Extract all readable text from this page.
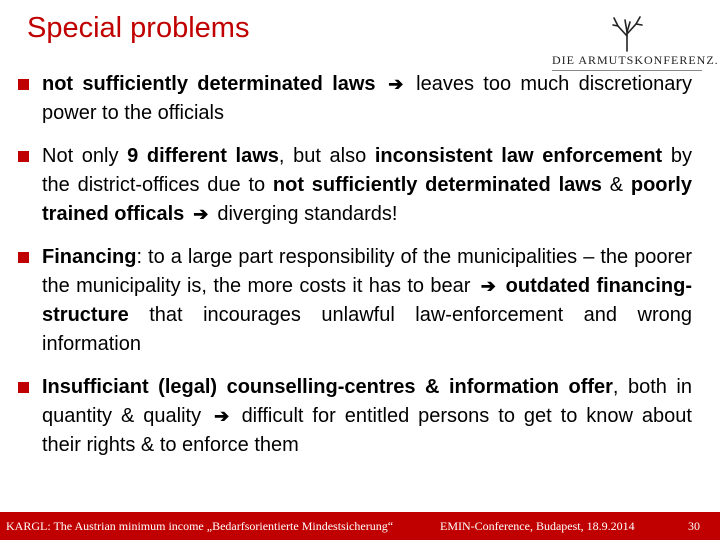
Special problems
DIE ARMUTSKONFERENZ.
not sufficiently determinated laws ➔ leaves too much discretionary power to the officials
Not only 9 different laws, but also inconsistent law enforcement by the district-offices due to not sufficiently determinated laws & poorly trained officals ➔ diverging standards!
Financing: to a large part responsibility of the municipalities – the poorer the municipality is, the more costs it has to bear ➔ outdated financing-structure that incourages unlawful law-enforcement and wrong information
Insufficiant (legal) counselling-centres & information offer, both in quantity & quality ➔ difficult for entitled persons to get to know about their rights & to enforce them
KARGL: The Austrian minimum income „Bedarfsorientierte Mindestsicherung“	EMIN-Conference, Budapest, 18.9.2014	30
